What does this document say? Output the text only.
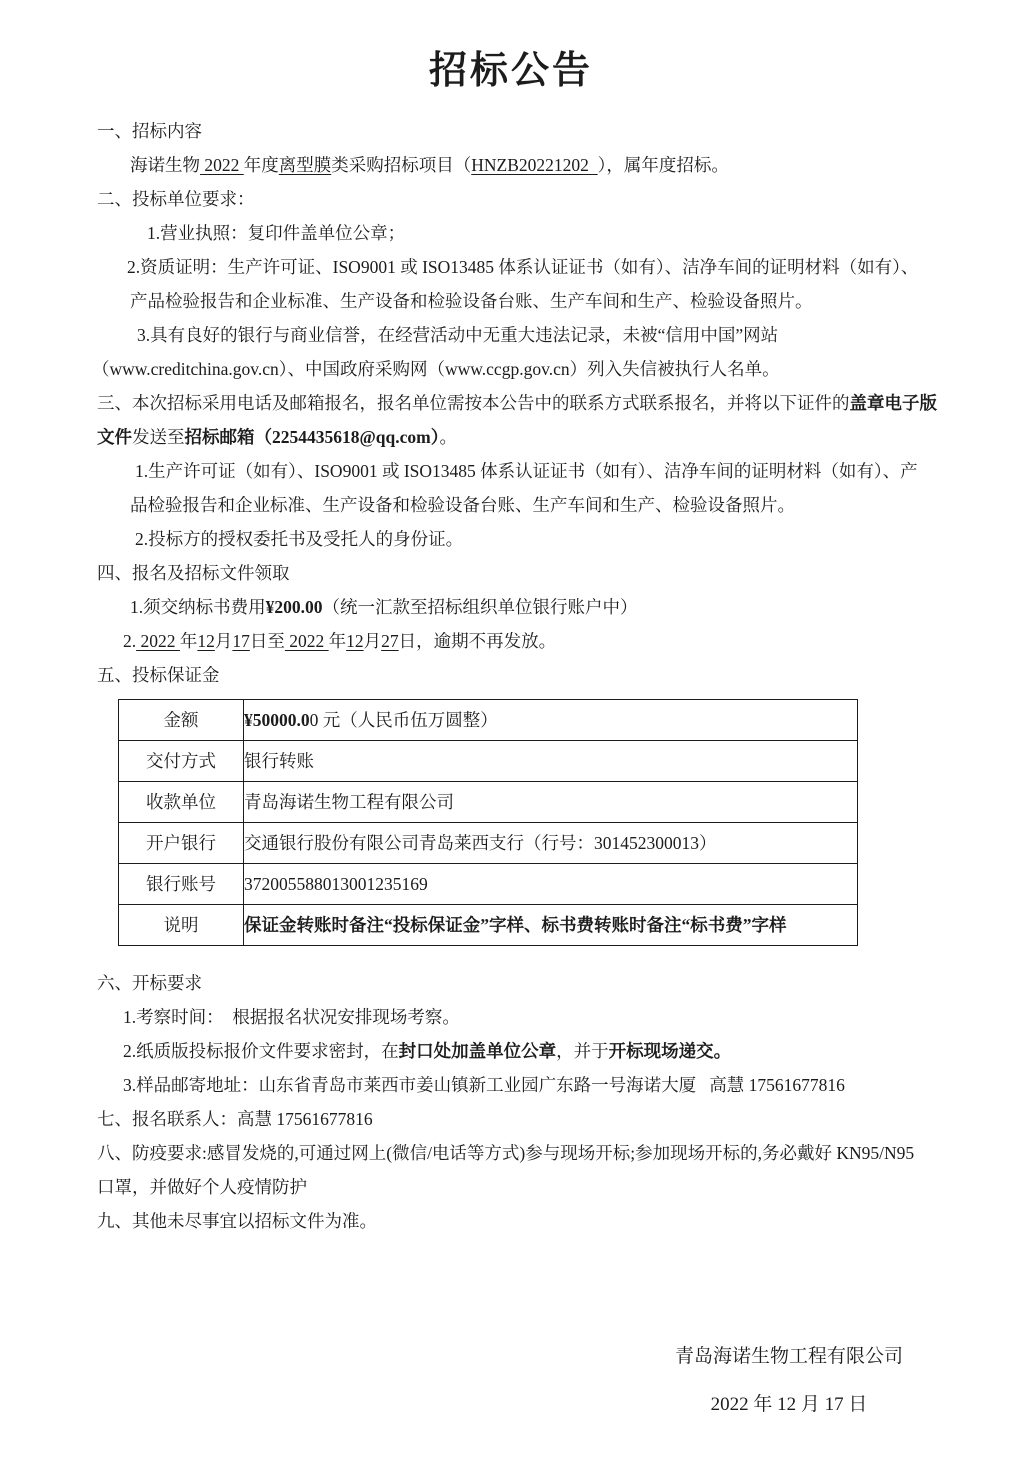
招标公告

一、招标内容

海诺生物 2022 年度离型膜类采购招标项目（HNZB20221202  ），属年度招标。

二、投标单位要求：

1.营业执照：复印件盖单位公章；

2.资质证明：生产许可证、ISO9001 或 ISO13485 体系认证证书（如有）、洁净车间的证明材料（如有）、

产品检验报告和企业标准、生产设备和检验设备台账、生产车间和生产、检验设备照片。

3.具有良好的银行与商业信誉，在经营活动中无重大违法记录，未被“信用中国”网站

（www.creditchina.gov.cn）、中国政府采购网（www.ccgp.gov.cn）列入失信被执行人名单。

三、本次招标采用电话及邮箱报名，报名单位需按本公告中的联系方式联系报名，并将以下证件的盖章电子版

文件发送至招标邮箱（2254435618@qq.com）。

1.生产许可证（如有）、ISO9001 或 ISO13485 体系认证证书（如有）、洁净车间的证明材料（如有）、产

品检验报告和企业标准、生产设备和检验设备台账、生产车间和生产、检验设备照片。

2.投标方的授权委托书及受托人的身份证。

四、报名及招标文件领取

1.须交纳标书费用¥200.00（统一汇款至招标组织单位银行账户中）

2. 2022 年12月17日至 2022 年12月27日，逾期不再发放。

五、投标保证金

金额	¥50000.00 元（人民币伍万圆整）
交付方式	银行转账
收款单位	青岛海诺生物工程有限公司
开户银行	交通银行股份有限公司青岛莱西支行（行号：301452300013）
银行账号	372005588013001235169
说明	保证金转账时备注“投标保证金”字样、标书费转账时备注“标书费”字样

六、开标要求

1.考察时间：  根据报名状况安排现场考察。

2.纸质版投标报价文件要求密封，在封口处加盖单位公章，并于开标现场递交。

3.样品邮寄地址：山东省青岛市莱西市姜山镇新工业园广东路一号海诺大厦   高慧 17561677816

七、报名联系人：高慧 17561677816

八、防疫要求:感冒发烧的,可通过网上(微信/电话等方式)参与现场开标;参加现场开标的,务必戴好 KN95/N95

口罩，并做好个人疫情防护

九、其他未尽事宜以招标文件为准。

青岛海诺生物工程有限公司

2022 年 12 月 17 日
